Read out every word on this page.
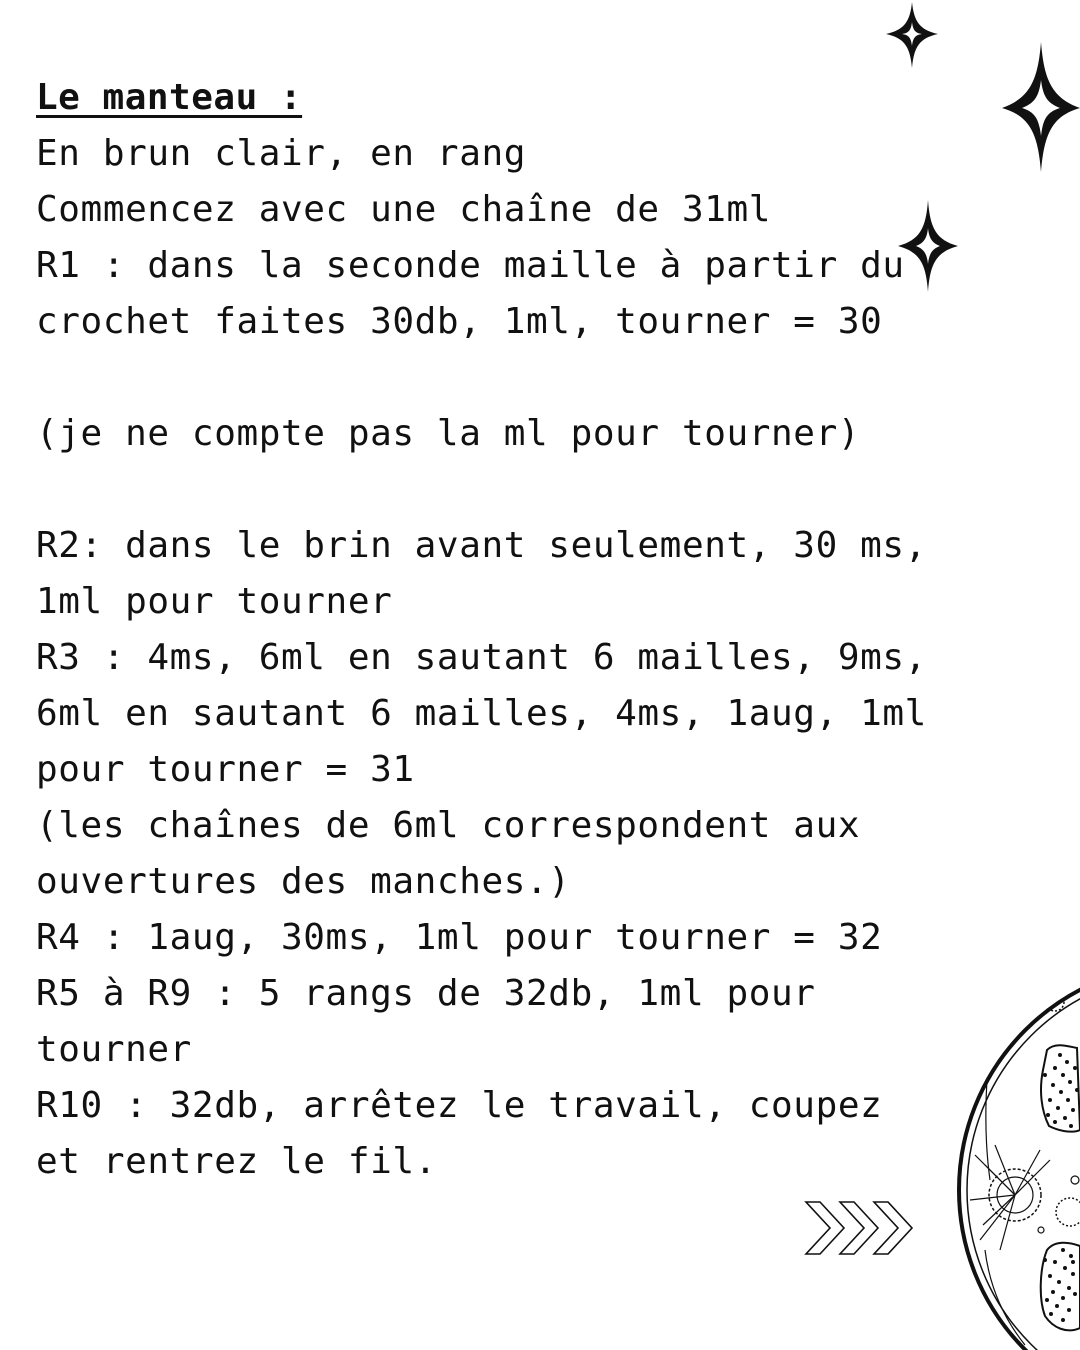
Le manteau :
En brun clair, en rang
Commencez avec une chaîne de 31ml
R1 : dans la seconde maille à partir du
crochet faites 30db, 1ml, tourner = 30
(je ne compte pas la ml pour tourner)
R2: dans le brin avant seulement, 30 ms,
1ml pour tourner
R3 : 4ms, 6ml en sautant 6 mailles, 9ms,
6ml en sautant 6 mailles, 4ms, 1aug, 1ml
pour tourner = 31
(les chaînes de 6ml correspondent aux
ouvertures des manches.)
R4 : 1aug, 30ms, 1ml pour tourner = 32
R5 à R9 : 5 rangs de 32db, 1ml pour
tourner
R10 : 32db, arrêtez le travail, coupez
et rentrez le fil.
